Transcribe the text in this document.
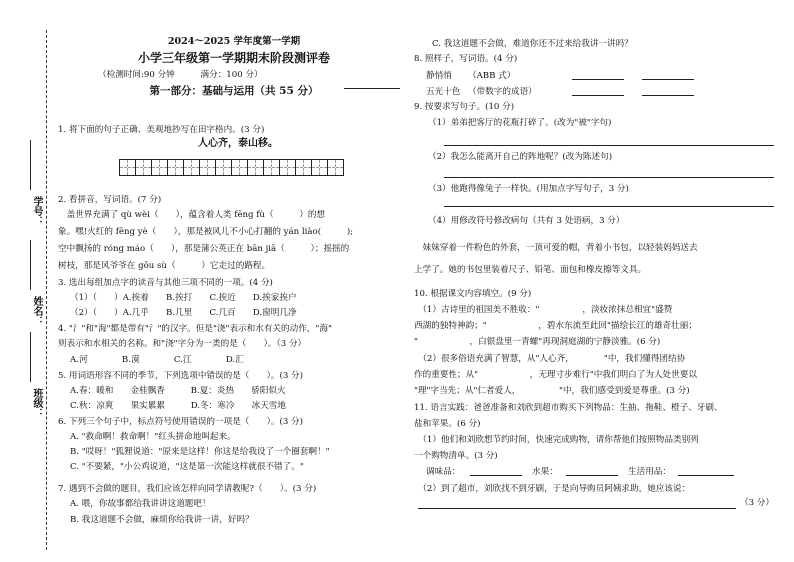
学号：
姓名：
班级：
2024～2025 学年度第一学期
小学三年级第一学期期末阶段测评卷
（检测时间:90 分钟　　　满分：100 分）
第一部分：基础与运用（共 55 分）
1. 将下面的句子正确、美观地抄写在田字格内。(3 分)
人心齐，泰山移。
2. 看拼音，写词语。(7 分)
　盖世界充满了 qù wèi（　　），蕴含着人类 fēng fù（　　　）的想
象。嘿!火红的 fēng yè（　　），那是被风儿不小心打翻的 yán liào(　　　);
空中飘扬的 róng máo（　　），那是蒲公英正在 bān jiā（　　　）；摇摇的
树枝，那是风爷爷在 gōu sù（　　　）它走过的路程。
3. 选出每组加点字的读音与其他三项不同的一项。(4 分)
（1）（　　）A.挨着　　B.挨打　　C.挨近　　D.挨家挨户
（2）（　　）A.几乎　　B.几里　　C.几百　　D.窗明几净
4. "氵"和"海"都是带有"氵"的汉字。但是"浇"表示和水有关的动作，"海"
则表示和水相关的名称。和"浇"字分为一类的是（　　）。（3 分）
A.河　　　　B.漠　　　　C.江　　　　D.汇
5. 用词语形容不同的季节，下列选项中错误的是（　　）。(3 分)
A.春：暖和　　金桂飘香　　　B.夏：炎热　　骄阳似火
C.秋：凉爽　　果实累累　　　D.冬：寒冷　　冰天雪地
6. 下列三个句子中，标点符号使用错误的一项是（　　）。(3 分)
A. "救命啊！救命啊！"红头拼命地叫起来。
B. "哎呀！"狐狸说道："原来是这样！你这是给我设了一个圈套啊！"
C. "不要紧，"小公鸡说道，"这是第一次能这样就很不错了。"
7. 遇到不会做的题目，我们应该怎样向同学请教呢?（　　）。(3 分)
A. 喂，你故事都给我讲讲这道题吧！
B. 我这道题不会做，麻烦你给我讲一讲，好吗？
C. 我这道题不会做，难道你还不过来给我讲一讲吗？
8. 照样子，写词语。(4 分)
静悄悄 （ABB 式）
五光十色 （带数字的成语）
9. 按要求写句子。(10 分)
（1）弟弟把客厅的花瓶打碎了。(改为"被"字句)
（2）我怎么能离开自己的阵地呢？(改为陈述句)
（3）他跑得像兔子一样快。(用加点字写句子，3 分)
（4）用修改符号修改病句（共有 3 处语病，3 分）
　妹妹穿着一件粉色的外套，一顶可爱的帽，背着小书包，以轻装妈妈送去
上学了。她的书包里装着尺子、铅笔、面包和橡皮擦等文具。
10. 根据课文内容填空。(9 分)
　（1）古诗里的祖国美不胜收："　　　　　，淡妆浓抹总相宜"盛赞
西湖的独特神韵；"　　　　　　，碧水东流至此回"描绘长江的雄奇壮丽；
"　　　　　　，白银盘里一青螺"再现洞庭湖的宁静淡雅。(6 分)
　（2）很多俗语充满了智慧，从"人心齐，　　　　"中，我们懂得团结协
作的重要性；从"　　　　　　，无理寸步难行"中我们明白了为人处世要以
"理"字当先；从"仁者爱人，　　　　　"中，我们感受到爱是尊重。(3 分)
11. 语言实践：爸爸准备和刘欣到超市购买下列物品：生抽、拖鞋、橙子、牙刷、
盐和苹果。(6 分)
　（1）他们和刘欣想节约时间，快速完成购物，请你帮他们按照物品类别列
一个购物清单。(3 分)
调味品：	水果：	生活用品：
　（2）到了超市，刘欣找不到牙刷，于是向导购员阿姨求助，她应该说：
（3 分）
